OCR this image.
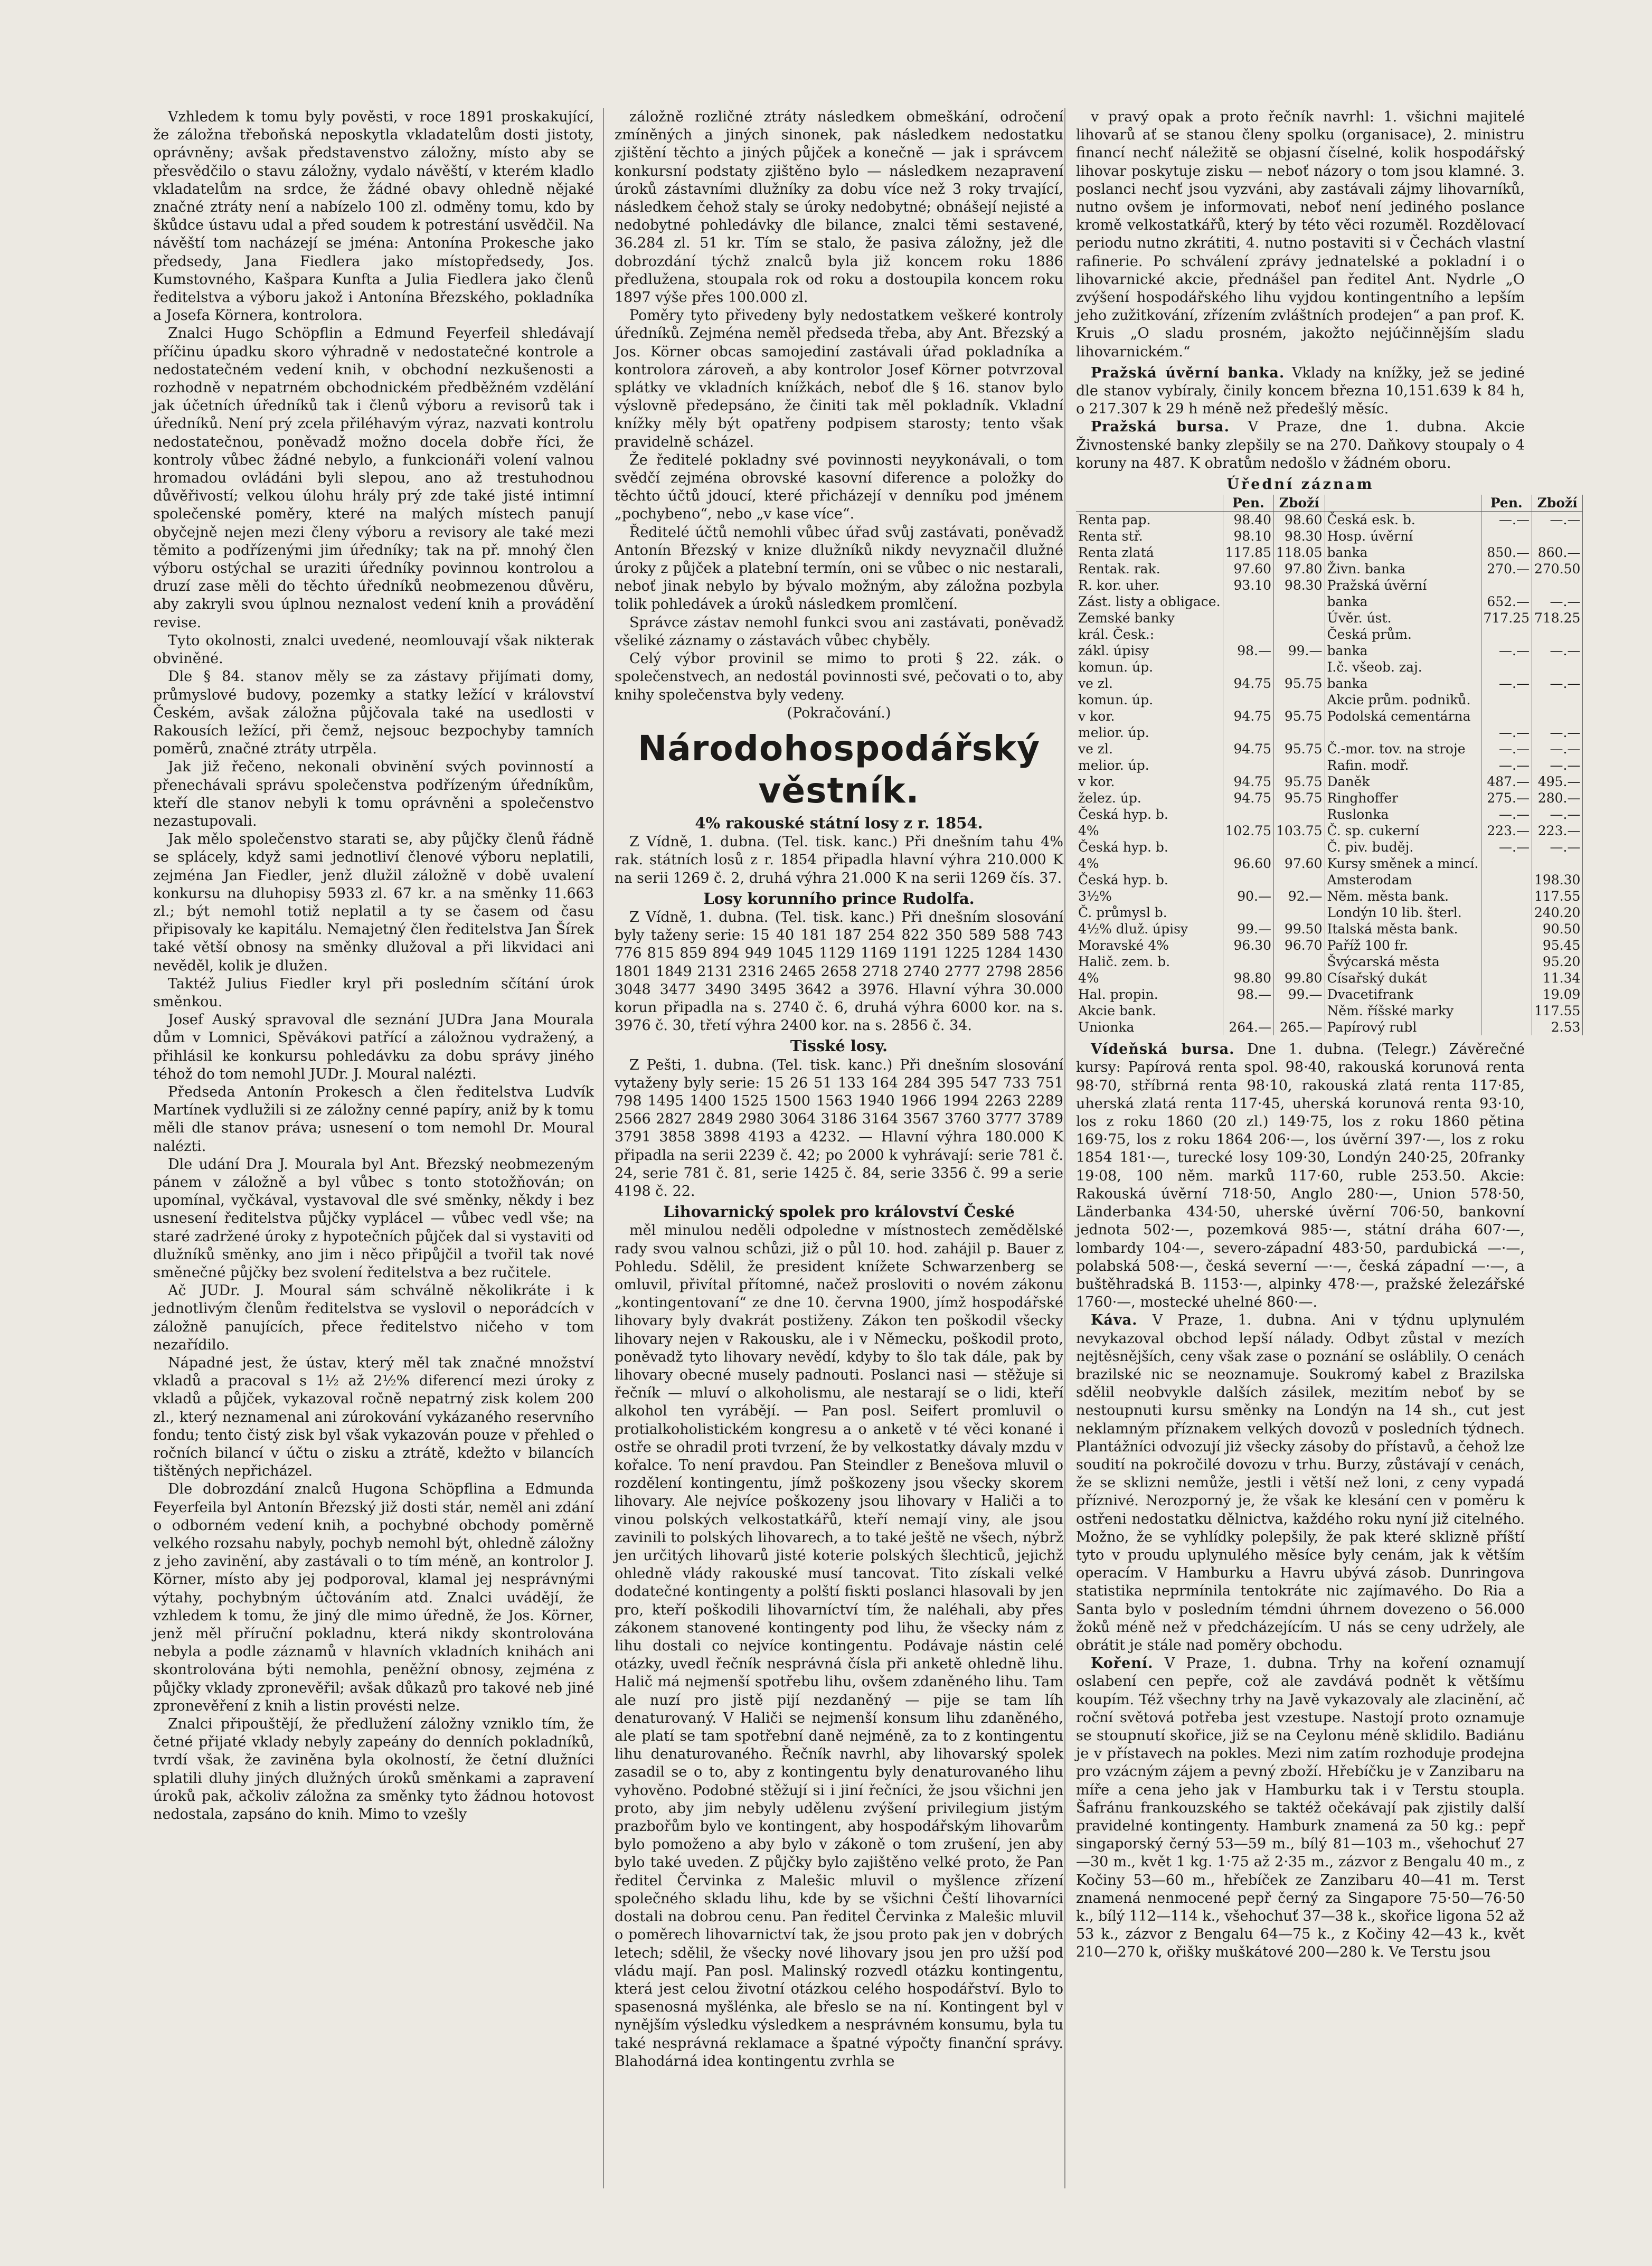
Vzhledem k tomu byly pověsti, v roce 1891 proskakující, že záložna třeboňská neposkytla vkladatelům dosti jistoty, oprávněny; avšak představenstvo záložny, místo aby se přesvědčilo o stavu záložny, vydalo návěští, v kterém kladlo vkladatelům na srdce, že žádné obavy ohledně nějaké značné ztráty není a nabízelo 100 zl. odměny tomu, kdo by škůdce ústavu udal a před soudem k potrestání usvědčil. Na návěští tom nacházejí se jména: Antonína Prokesche jako předsedy, Jana Fiedlera jako místopředsedy, Jos. Kumstovného, Kašpara Kunfta a Julia Fiedlera jako členů ředitelstva a výboru jakož i Antonína Březského, pokladníka a Josefa Körnera, kontrolora.

Znalci Hugo Schöpflin a Edmund Feyerfeil shledávají příčinu úpadku skoro výhradně v nedostatečné kontrole a nedostatečném vedení knih, v obchodní nezkušenosti a rozhodně v nepatrném obchodnickém předběžném vzdělání jak účetních úředníků tak i členů výboru a revisorů tak i úředníků. Není prý zcela přiléhavým výraz, nazvati kontrolu nedostatečnou, poněvadž možno docela dobře říci, že kontroly vůbec žádné nebylo, a funkcionáři volení valnou hromadou ovládáni byli slepou, ano až trestuhodnou důvěřivostí; velkou úlohu hrály prý zde také jisté intimní společenské poměry, které na malých místech panují obyčejně nejen mezi členy výboru a revisory ale také mezi těmito a podřízenými jim úředníky; tak na př. mnohý člen výboru ostýchal se uraziti úředníky povinnou kontrolou a druzí zase měli do těchto úředníků neobmezenou důvěru, aby zakryli svou úplnou neznalost vedení knih a provádění revise.

Tyto okolnosti, znalci uvedené, neomlouvají však nikterak obviněné.

Dle § 84. stanov měly se za zástavy přijímati domy, průmyslové budovy, pozemky a statky ležící v království Českém, avšak záložna půjčovala také na usedlosti v Rakousích ležící, při čemž, nejsouc bezpochyby tamních poměrů, značné ztráty utrpěla.

Jak již řečeno, nekonali obvinění svých povinností a přenechávali správu společenstva podřízeným úředníkům, kteří dle stanov nebyli k tomu oprávněni a společenstvo nezastupovali.

Jak mělo společenstvo starati se, aby půjčky členů řádně se splácely, když sami jednotliví členové výboru neplatili, zejména Jan Fiedler, jenž dlužil záložně v době uvalení konkursu na dluhopisy 5933 zl. 67 kr. a na směnky 11.663 zl.; být nemohl totiž neplatil a ty se časem od času připisovaly ke kapitálu. Nemajetný člen ředitelstva Jan Šírek také větší obnosy na směnky dlužoval a při likvidaci ani nevěděl, kolik je dlužen.

Taktéž Julius Fiedler kryl při posledním sčítání úrok směnkou.

Josef Auský spravoval dle seznání JUDra Jana Mourala dům v Lomnici, Spěvákovi patřící a záložnou vydražený, a přihlásil ke konkursu pohledávku za dobu správy jiného téhož do tom nemohl JUDr. J. Moural nalézti.

Předseda Antonín Prokesch a člen ředitelstva Ludvík Martínek vydlužili si ze záložny cenné papíry, aniž by k tomu měli dle stanov práva; usnesení o tom nemohl Dr. Moural nalézti.

Dle udání Dra J. Mourala byl Ant. Březský neobmezeným pánem v záložně a byl vůbec s tonto stotožňován; on upomínal, vyčkával, vystavoval dle své směnky, někdy i bez usnesení ředitelstva půjčky vyplácel — vůbec vedl vše; na staré zadržené úroky z hypotečních půjček dal si vystaviti od dlužníků směnky, ano jim i něco připůjčil a tvořil tak nové směnečné půjčky bez svolení ředitelstva a bez ručitele.

Ač JUDr. J. Moural sám schválně několikráte i k jednotlivým členům ředitelstva se vyslovil o neporádcích v záložně panujících, přece ředitelstvo ničeho v tom nezařídilo.

Nápadné jest, že ústav, který měl tak značné množství vkladů a pracoval s 1½ až 2½% diferencí mezi úroky z vkladů a půjček, vykazoval ročně nepatrný zisk kolem 200 zl., který neznamenal ani zúrokování vykázaného reservního fondu; tento čistý zisk byl však vykazován pouze v přehled o ročních bilancí v účtu o zisku a ztrátě, kdežto v bilancích tištěných nepřicházel.

Dle dobrozdání znalců Hugona Schöpflina a Edmunda Feyerfeila byl Antonín Březský již dosti stár, neměl ani zdání o odborném vedení knih, a pochybné obchody poměrně velkého rozsahu nabyly, pochyb nemohl být, ohledně záložny z jeho zavinění, aby zastávali o to tím méně, an kontrolor J. Körner, místo aby jej podporoval, klamal jej nesprávnými výtahy, pochybným účtováním atd. Znalci uvádějí, že vzhledem k tomu, že jiný dle mimo úředně, že Jos. Körner, jenž měl příruční pokladnu, která nikdy skontrolována nebyla a podle záznamů v hlavních vkladních knihách ani skontrolována býti nemohla, peněžní obnosy, zejména z půjčky vklady zpronevěřil; avšak důkazů pro takové neb jiné zpronevěření z knih a listin provésti nelze.

Znalci připouštějí, že předlužení záložny vzniklo tím, že četné přijaté vklady nebyly zapeány do denních pokladníků, tvrdí však, že zaviněna byla okolností, že četní dlužníci splatili dluhy jiných dlužných úroků směnkami a zapravení úroků pak, ačkoliv záložna za směnky tyto žádnou hotovost nedostala, zapsáno do knih. Mimo to vzešly

záložně rozličné ztráty následkem obmeškání, odročení zmíněných a jiných sinonek, pak následkem nedostatku zjištění těchto a jiných půjček a konečně — jak i správcem konkursní podstaty zjištěno bylo — následkem nezapravení úroků zástavními dlužníky za dobu více než 3 roky trvající, následkem čehož staly se úroky nedobytné; obnášejí nejisté a nedobytné pohledávky dle bilance, znalci těmi sestavené, 36.284 zl. 51 kr. Tím se stalo, že pasiva záložny, jež dle dobrozdání týchž znalců byla již koncem roku 1886 předlužena, stoupala rok od roku a dostoupila koncem roku 1897 výše přes 100.000 zl.

Poměry tyto přivedeny byly nedostatkem veškeré kontroly úředníků. Zejména neměl předseda třeba, aby Ant. Březský a Jos. Körner obcas samojediní zastávali úřad pokladníka a kontrolora zároveň, a aby kontrolor Josef Körner potvrzoval splátky ve vkladních knížkách, neboť dle § 16. stanov bylo výslovně předepsáno, že činiti tak měl pokladník. Vkladní knížky měly být opatřeny podpisem starosty; tento však pravidelně scházel.

Že ředitelé pokladny své povinnosti neyykonávali, o tom svědčí zejména obrovské kasovní diference a položky do těchto účtů jdoucí, které přicházejí v denníku pod jménem „pochybeno“, nebo „v kase více“.

Ředitelé účtů nemohli vůbec úřad svůj zastávati, poněvadž Antonín Březský v knize dlužníků nikdy nevyznačil dlužné úroky z půjček a platební termín, oni se vůbec o nic nestarali, neboť jinak nebylo by bývalo možným, aby záložna pozbyla tolik pohledávek a úroků následkem promlčení.

Správce zástav nemohl funkci svou ani zastávati, poněvadž všeliké záznamy o zástavách vůbec chyběly.

Celý výbor provinil se mimo to proti § 22. zák. o společenstvech, an nedostál povinnosti své, pečovati o to, aby knihy společenstva byly vedeny.

(Pokračování.)

Národohospodářský věstník.
4% rakouské státní losy z r. 1854.

Z Vídně, 1. dubna. (Tel. tisk. kanc.) Při dnešním tahu 4% rak. státních losů z r. 1854 připadla hlavní výhra 210.000 K na serii 1269 č. 2, druhá výhra 21.000 K na serii 1269 čís. 37.

Losy korunního prince Rudolfa.

Z Vídně, 1. dubna. (Tel. tisk. kanc.) Při dnešním slosování byly taženy serie: 15 40 181 187 254 822 350 589 588 743 776 815 859 894 949 1045 1129 1169 1191 1225 1284 1430 1801 1849 2131 2316 2465 2658 2718 2740 2777 2798 2856 3048 3477 3490 3495 3642 a 3976. Hlavní výhra 30.000 korun připadla na s. 2740 č. 6, druhá výhra 6000 kor. na s. 3976 č. 30, třetí výhra 2400 kor. na s. 2856 č. 34.

Tisské losy.

Z Pešti, 1. dubna. (Tel. tisk. kanc.) Při dnešním slosování vytaženy byly serie: 15 26 51 133 164 284 395 547 733 751 798 1495 1400 1525 1500 1563 1940 1966 1994 2263 2289 2566 2827 2849 2980 3064 3186 3164 3567 3760 3777 3789 3791 3858 3898 4193 a 4232. — Hlavní výhra 180.000 K připadla na serii 2239 č. 42; po 2000 k vyhrávají: serie 781 č. 24, serie 781 č. 81, serie 1425 č. 84, serie 3356 č. 99 a serie 4198 č. 22.

Lihovarnický spolek pro království České

měl minulou neděli odpoledne v místnostech zemědělské rady svou valnou schůzi, již o půl 10. hod. zahájil p. Bauer z Pohledu. Sdělil, že president knížete Schwarzenberg se omluvil, přivítal přítomné, načež prosloviti o novém zákonu „kontingentovaní“ ze dne 10. června 1900, jímž hospodářské lihovary byly dvakrát postiženy. Zákon ten poškodil všecky lihovary nejen v Rakousku, ale i v Německu, poškodil proto, poněvadž tyto lihovary nevědí, kdyby to šlo tak dále, pak by lihovary obecné musely padnouti. Poslanci nasi — stěžuje si řečník — mluví o alkoholismu, ale nestarají se o lidi, kteří alkohol ten vyrábějí. — Pan posl. Seifert promluvil o protialkoholistickém kongresu a o anketě v té věci konané i ostře se ohradil proti tvrzení, že by velkostatky dávaly mzdu v kořalce. To není pravdou. Pan Steindler z Benešova mluvil o rozdělení kontingentu, jímž poškozeny jsou všecky skorem lihovary. Ale nejvíce poškozeny jsou lihovary v Haliči a to vinou polských velkostatkářů, kteří nemají viny, ale jsou zavinili to polských lihovarech, a to také ještě ne všech, nýbrž jen určitých lihovarů jisté koterie polských šlechticů, jejichž ohledně vlády rakouské musí tancovat. Tito získali velké dodatečné kontingenty a polští fiskti poslanci hlasovali by jen pro, kteří poškodili lihovarníctví tím, že naléhali, aby přes zákonem stanovené kontingenty pod lihu, že všecky nám z lihu dostali co nejvíce kontingentu. Podávaje nástin celé otázky, uvedl řečník nesprávná čísla při anketě ohledně lihu. Halič má nejmenší spotřebu lihu, ovšem zdaněného lihu. Tam ale nuzí pro jistě pijí nezdaněný — pije se tam líh denaturovaný. V Haliči se nejmenší konsum lihu zdaněného, ale platí se tam spotřební daně nejméně, za to z kontingentu lihu denaturovaného. Řečník navrhl, aby lihovarský spolek zasadil se o to, aby z kontingentu byly denaturovaného lihu vyhověno. Podobné stěžují si i jiní řečníci, že jsou všichni jen proto, aby jim nebyly udělenu zvýšení privilegium jistým prazbořům bylo ve kontingent, aby hospodářským lihovarům bylo pomoženo a aby bylo v zákoně o tom zrušení, jen aby bylo také uveden. Z půjčky bylo zajištěno velké proto, že Pan ředitel Červinka z Malešic mluvil o myšlence zřízení společného skladu lihu, kde by se všichni Čeští lihovarníci dostali na dobrou cenu. Pan ředitel Červinka z Malešic mluvil o poměrech lihovarnictví tak, že jsou proto pak jen v dobrých letech; sdělil, že všecky nové lihovary jsou jen pro užší pod vládu mají. Pan posl. Malinský rozvedl otázku kontingentu, která jest celou životní otázkou celého hospodářství. Bylo to spasenosná myšlénka, ale břeslo se na ní. Kontingent byl v nynějším výsledku výsledkem a nesprávném konsumu, byla tu také nesprávná reklamace a špatné výpočty finanční správy. Blahodárná idea kontingentu zvrhla se

v pravý opak a proto řečník navrhl: 1. všichni majitelé lihovarů ať se stanou členy spolku (organisace), 2. ministru financí nechť náležitě se objasní číselné, kolik hospodářský lihovar poskytuje zisku — neboť názory o tom jsou klamné. 3. poslanci nechť jsou vyzváni, aby zastávali zájmy lihovarníků, nutno ovšem je informovati, neboť není jediného poslance kromě velkostatkářů, který by této věci rozuměl. Rozdělovací periodu nutno zkrátiti, 4. nutno postaviti si v Čechách vlastní rafinerie. Po schválení zprávy jednatelské a pokladní i o lihovarnické akcie, přednášel pan ředitel Ant. Nydrle „O zvýšení hospodářského lihu vyjdou kontingentního a lepším jeho zužitkování, zřízením zvláštních prodejen“ a pan prof. K. Kruis „O sladu prosném, jakožto nejúčinnějším sladu lihovarnickém.“

Pražská úvěrní banka. Vklady na knížky, jež se jediné dle stanov vybíraly, činily koncem března 10,151.639 k 84 h, o 217.307 k 29 h méně než předešlý měsíc.

Pražská bursa. V Praze, dne 1. dubna. Akcie Živnostenské banky zlepšily se na 270. Daňkovy stoupaly o 4 koruny na 487. K obratům nedošlo v žádném oboru.

Úřední záznam
	Pen.	Zboží		Pen.	Zboží
Renta pap.	98.40	98.60	Česká esk. b.	—.—	—.—
Renta stř.	98.10	98.30	Hosp. úvěrní		
Renta zlatá	117.85	118.05	banka	850.—	860.—
Rentak. rak.	97.60	97.80	Živn. banka	270.—	270.50
R. kor. uher.	93.10	98.30	Pražská úvěrní		
Zást. listy a obligace.			banka	652.—	—.—
Zemské banky			Úvěr. úst.	717.25	718.25
král. Česk.:			Česká prům.		
zákl. úpisy	98.—	99.—	banka	—.—	—.—
komun. úp.			I.č. všeob. zaj.		
ve zl.	94.75	95.75	banka	—.—	—.—
komun. úp.			Akcie prům. podniků.		
v kor.	94.75	95.75	Podolská cementárna		
melior. úp.				—.—	—.—
ve zl.	94.75	95.75	Č.-mor. tov. na stroje	—.—	—.—
melior. úp.			Rafin. modř.	—.—	—.—
v kor.	94.75	95.75	Daněk	487.—	495.—
želez. úp.	94.75	95.75	Ringhoffer	275.—	280.—
Česká hyp. b.			Ruslonka	—.—	—.—
4%	102.75	103.75	Č. sp. cukerní	223.—	223.—
Česká hyp. b.			Č. piv. buděj.	—.—	—.—
4%	96.60	97.60	Kursy směnek a mincí.		
Česká hyp. b.			Amsterodam		198.30
3½%	90.—	92.—	Něm. města bank.		117.55
Č. průmysl b.			Londýn 10 lib. šterl.		240.20
4½% dluž. úpisy	99.—	99.50	Italská města bank.		90.50
Moravské 4%	96.30	96.70	Paříž 100 fr.		95.45
Halič. zem. b.			Švýcarská města		95.20
4%	98.80	99.80	Císařský dukát		11.34
Hal. propin.	98.—	99.—	Dvacetifrank		19.09
Akcie bank.			Něm. říšské marky		117.55
Unionka	264.—	265.—	Papírový rubl		2.53

Vídeňská bursa. Dne 1. dubna. (Telegr.) Závěrečné kursy: Papírová renta spol. 98·40, rakouská korunová renta 98·70, stříbrná renta 98·10, rakouská zlatá renta 117·85, uherská zlatá renta 117·45, uherská korunová renta 93·10, los z roku 1860 (20 zl.) 149·75, los z roku 1860 pětina 169·75, los z roku 1864 206·—, los úvěrní 397·—, los z roku 1854 181·—, turecké losy 109·30, Londýn 240·25, 20franky 19·08, 100 něm. marků 117·60, ruble 253.50. Akcie: Rakouská úvěrní 718·50, Anglo 280·—, Union 578·50, Länderbanka 434·50, uherské úvěrní 706·50, bankovní jednota 502·—, pozemková 985·—, státní dráha 607·—, lombardy 104·—, severo-západní 483·50, pardubická —·—, polabská 508·—, česká severní —·—, česká západní —·—, a buštěhradská B. 1153·—, alpinky 478·—, pražské železářské 1760·—, mostecké uhelné 860·—.

Káva. V Praze, 1. dubna. Ani v týdnu uplynulém nevykazoval obchod lepší nálady. Odbyt zůstal v mezích nejtěsnějších, ceny však zase o poznání se osláblily. O cenách brazilské nic se neoznamuje. Soukromý kabel z Brazilska sdělil neobvykle dalších zásilek, mezitím neboť by se nestoupnuti kursu směnky na Londýn na 14 sh., cut jest neklamným příznakem velkých dovozů v posledních týdnech. Plantážníci odvozují jiż všecky zásoby do přístavů, a čehož lze soudití na pokročilé dovozu v trhu. Burzy, zůstávají v cenách, že se sklizni nemůže, jestli i větší než loni, z ceny vypadá příznivé. Nerozporný je, že však ke klesání cen v poměru k ostřeni nedostatku dělnictva, každého roku nyní již citelného. Možno, že se vyhlídky polepšily, že pak které sklizně příští tyto v proudu uplynulého měsíce byly cenám, jak k větším operacím. V Hamburku a Havru ubývá zásob. Dunringova statistika neprmínila tentokráte nic zajímavého. Do Ria a Santa bylo v posledním témdni úhrnem dovezeno o 56.000 žoků méně než v předcházejícím. U nás se ceny udržely, ale obrátit je stále nad poměry obchodu.

Koření. V Praze, 1. dubna. Trhy na koření oznamují oslabení cen pepře, což ale zavdává podnět k většímu koupím. Též všechny trhy na Javě vykazovaly ale zlacinění, ač roční světová potřeba jest vzestupe. Nastojí proto oznamuje se stoupnutí skořice, již se na Ceylonu méně sklidilo. Badiánu je v přístavech na pokles. Mezi nim zatím rozhoduje prodejna pro vzácným zájem a pevný zboží. Hřebíčku je v Zanzibaru na míře a cena jeho jak v Hamburku tak i v Terstu stoupla. Šafránu frankouzského se taktéž očekávají pak zjistily další pravidelné kontingenty. Hamburk znamená za 50 kg.: pepř singaporský černý 53—59 m., bílý 81—103 m., všehochuť 27—30 m., květ 1 kg. 1·75 až 2·35 m., zázvor z Bengalu 40 m., z Kočiny 53—60 m., hřebíček ze Zanzibaru 40—41 m. Terst znamená nenmocené pepř černý za Singapore 75·50—76·50 k., bílý 112—114 k., všehochuť 37—38 k., skořice ligona 52 až 53 k., zázvor z Bengalu 64—75 k., z Kočiny 42—43 k., květ 210—270 k, ořišky muškátové 200—280 k. Ve Terstu jsou
